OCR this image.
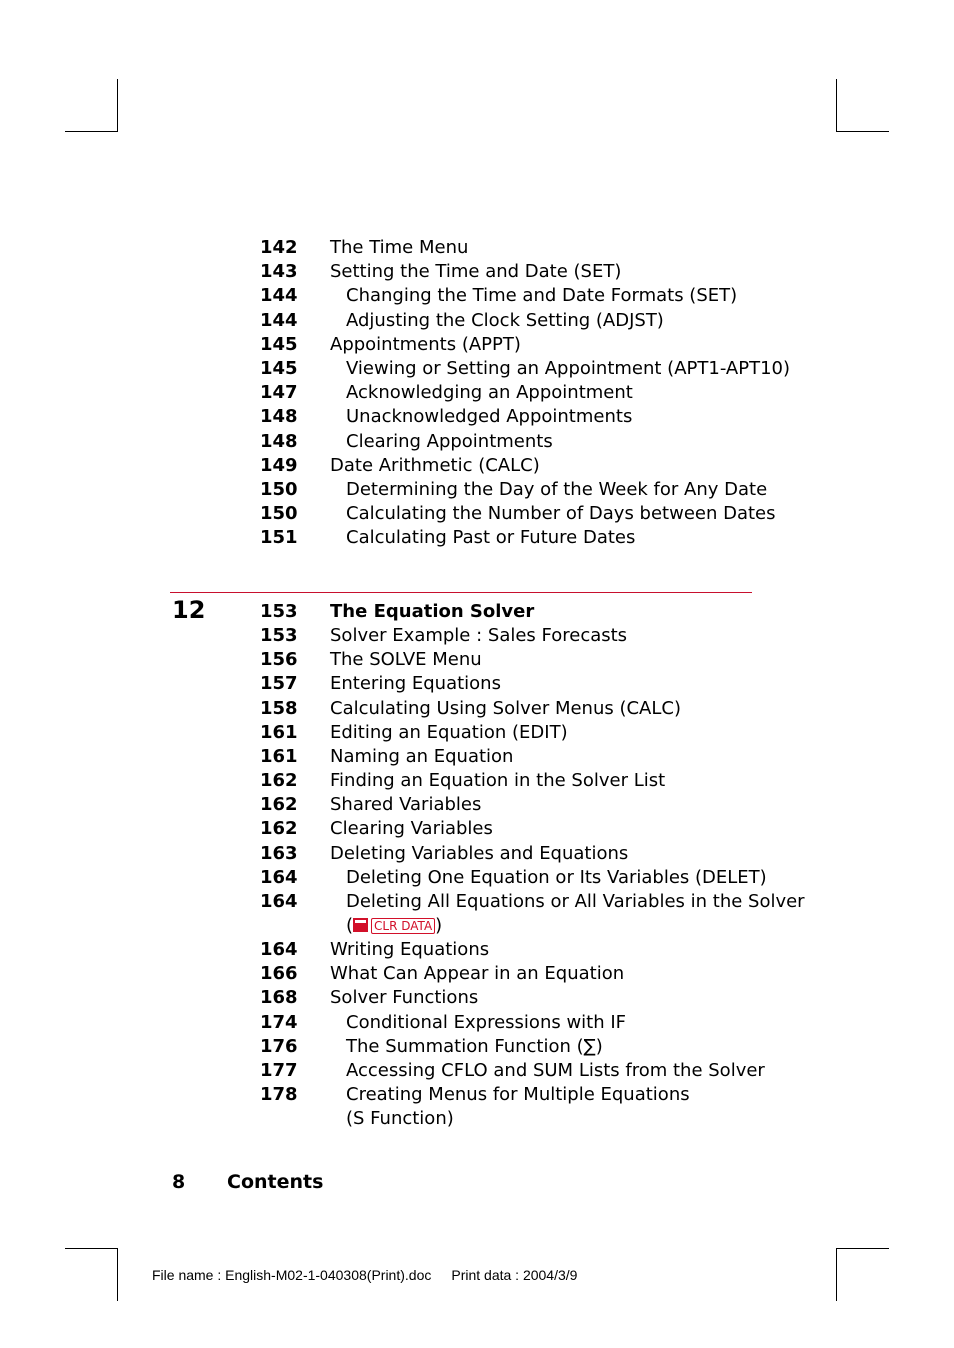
142 The Time Menu
143 Setting the Time and Date (SET)
144	Changing the Time and Date Formats (SET)
144	Adjusting the Clock Setting (ADJST)
145 Appointments (APPT)
145	Viewing or Setting an Appointment (APT1-APT10)
147	Acknowledging an Appointment
148	Unacknowledged Appointments
148	Clearing Appointments
149 Date Arithmetic (CALC)
150	Determining the Day of the Week for Any Date
150	Calculating the Number of Days between Dates
151	Calculating Past or Future Dates
12	153 The Equation Solver
153 Solver Example : Sales Forecasts
156 The SOLVE Menu
157 Entering Equations
158 Calculating Using Solver Menus (CALC)
161 Editing an Equation (EDIT)
161 Naming an Equation
162 Finding an Equation in the Solver List
162 Shared Variables
162 Clearing Variables
163 Deleting Variables and Equations
164	Deleting One Equation or Its Variables (DELET)
164	Deleting All Equations or All Variables in the Solver
( CLR DATA )
164 Writing Equations
166 What Can Appear in an Equation
168 Solver Functions
174	Conditional Expressions with IF
176	The Summation Function (∑)
177	Accessing CFLO and SUM Lists from the Solver
178	Creating Menus for Multiple Equations
(S Function)
8 Contents
File name : English-M02-1-040308(Print).doc Print data : 2004/3/9
